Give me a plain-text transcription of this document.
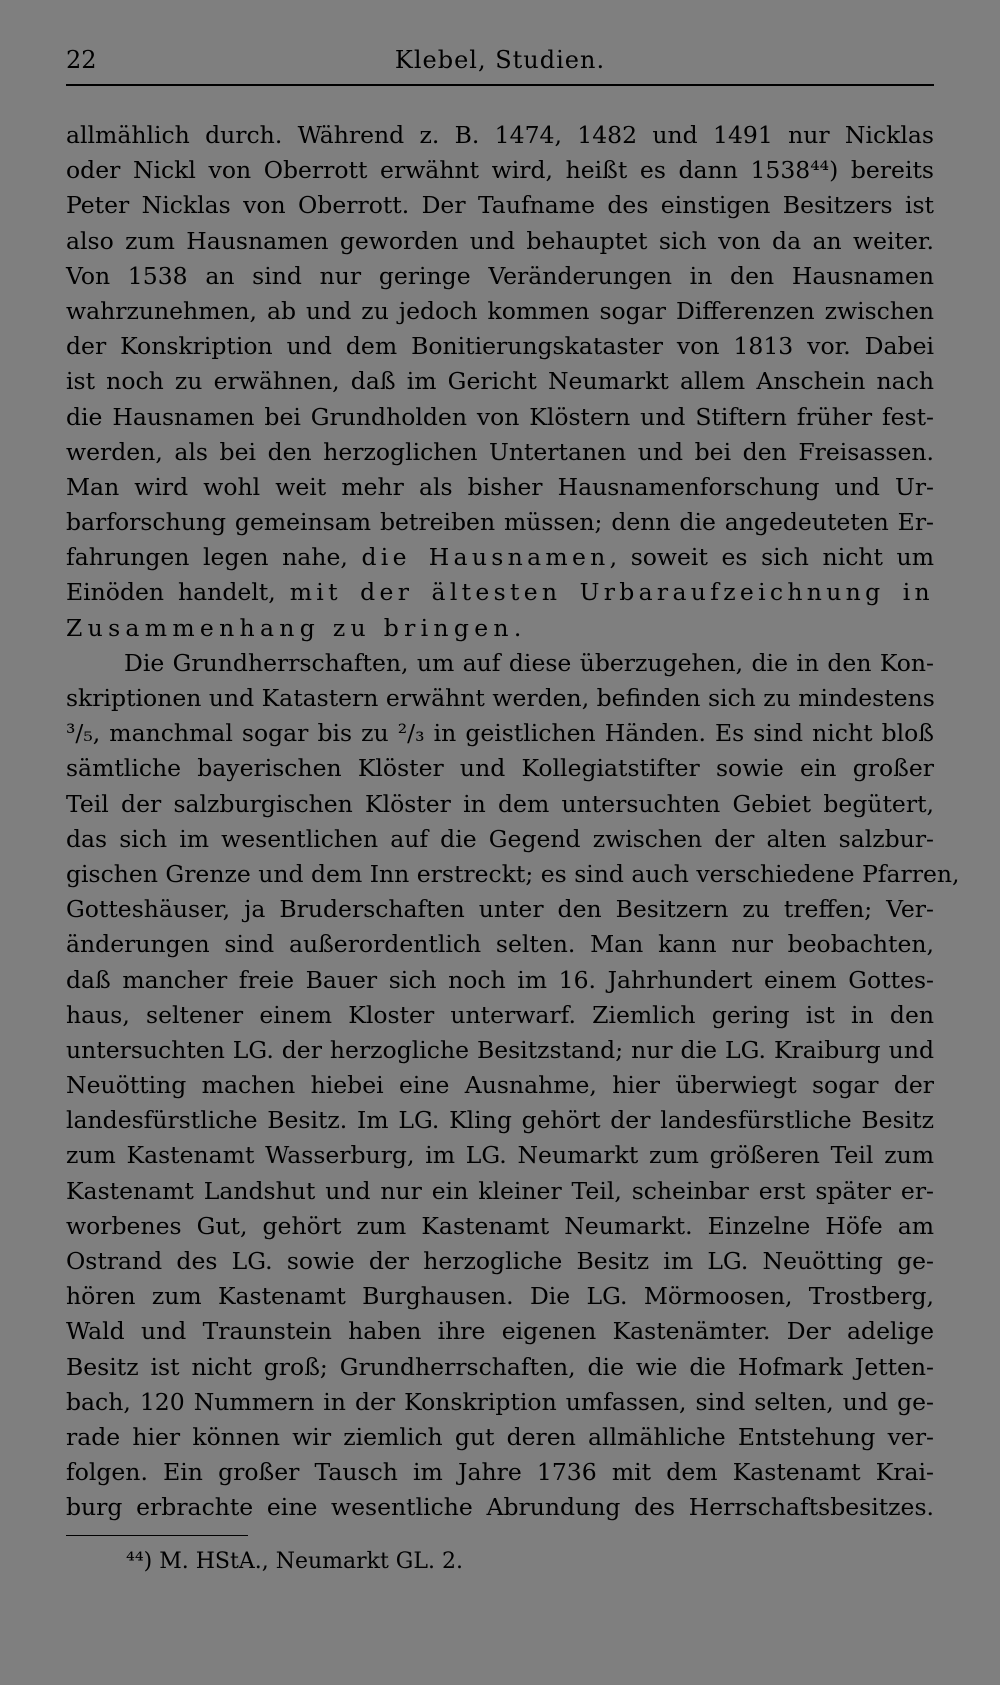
22	Klebel, Studien.
allmählich durch. Während z. B. 1474, 1482 und 1491 nur Nicklas
oder Nickl von Oberrott erwähnt wird, heißt es dann 1538⁴⁴) bereits
Peter Nicklas von Oberrott. Der Taufname des einstigen Besitzers ist
also zum Hausnamen geworden und behauptet sich von da an weiter.
Von 1538 an sind nur geringe Veränderungen in den Hausnamen
wahrzunehmen, ab und zu jedoch kommen sogar Differenzen zwischen
der Konskription und dem Bonitierungskataster von 1813 vor. Dabei
ist noch zu erwähnen, daß im Gericht Neumarkt allem Anschein nach
die Hausnamen bei Grundholden von Klöstern und Stiftern früher fest-
werden, als bei den herzoglichen Untertanen und bei den Freisassen.
Man wird wohl weit mehr als bisher Hausnamenforschung und Ur-
barforschung gemeinsam betreiben müssen; denn die angedeuteten Er-
fahrungen legen nahe, die Hausnamen, soweit es sich nicht um
Einöden handelt, mit der ältesten Urbaraufzeichnung in
Zusammenhang zu bringen.
Die Grundherrschaften, um auf diese überzugehen, die in den Kon-
skriptionen und Katastern erwähnt werden, befinden sich zu mindestens
³/₅, manchmal sogar bis zu ²/₃ in geistlichen Händen. Es sind nicht bloß
sämtliche bayerischen Klöster und Kollegiatstifter sowie ein großer
Teil der salzburgischen Klöster in dem untersuchten Gebiet begütert,
das sich im wesentlichen auf die Gegend zwischen der alten salzbur-
gischen Grenze und dem Inn erstreckt; es sind auch verschiedene Pfarren,
Gotteshäuser, ja Bruderschaften unter den Besitzern zu treffen; Ver-
änderungen sind außerordentlich selten. Man kann nur beobachten,
daß mancher freie Bauer sich noch im 16. Jahrhundert einem Gottes-
haus, seltener einem Kloster unterwarf. Ziemlich gering ist in den
untersuchten LG. der herzogliche Besitzstand; nur die LG. Kraiburg und
Neuötting machen hiebei eine Ausnahme, hier überwiegt sogar der
landesfürstliche Besitz. Im LG. Kling gehört der landesfürstliche Besitz
zum Kastenamt Wasserburg, im LG. Neumarkt zum größeren Teil zum
Kastenamt Landshut und nur ein kleiner Teil, scheinbar erst später er-
worbenes Gut, gehört zum Kastenamt Neumarkt. Einzelne Höfe am
Ostrand des LG. sowie der herzogliche Besitz im LG. Neuötting ge-
hören zum Kastenamt Burghausen. Die LG. Mörmoosen, Trostberg,
Wald und Traunstein haben ihre eigenen Kastenämter. Der adelige
Besitz ist nicht groß; Grundherrschaften, die wie die Hofmark Jetten-
bach, 120 Nummern in der Konskription umfassen, sind selten, und ge-
rade hier können wir ziemlich gut deren allmähliche Entstehung ver-
folgen. Ein großer Tausch im Jahre 1736 mit dem Kastenamt Krai-
burg erbrachte eine wesentliche Abrundung des Herrschaftsbesitzes.
⁴⁴) M. HStA., Neumarkt GL. 2.
